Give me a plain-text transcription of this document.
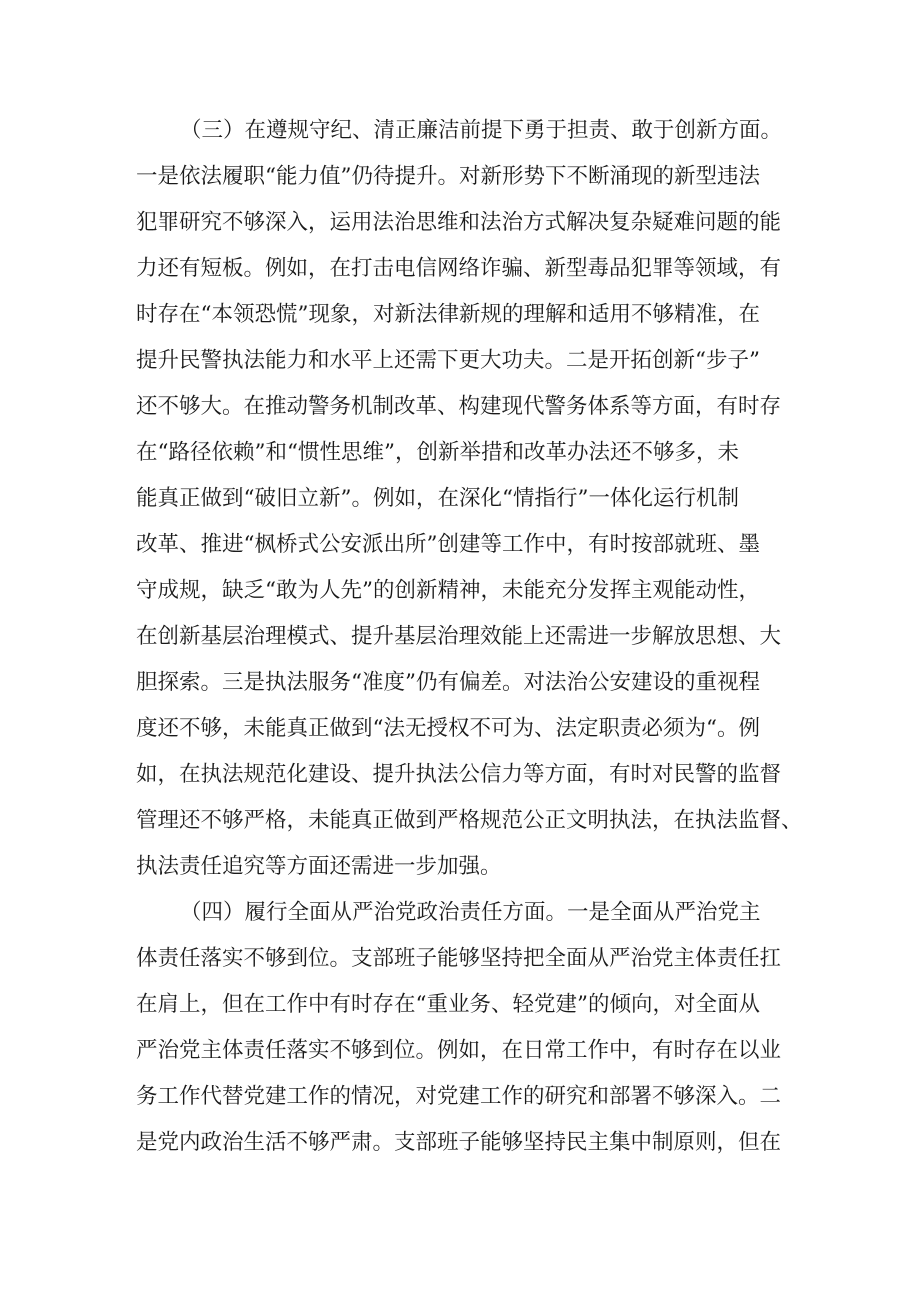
（三）在遵规守纪、清正廉洁前提下勇于担责、敢于创新方面。
一是依法履职“能力值”仍待提升。对新形势下不断涌现的新型违法
犯罪研究不够深入，运用法治思维和法治方式解决复杂疑难问题的能
力还有短板。例如，在打击电信网络诈骗、新型毒品犯罪等领域，有
时存在“本领恐慌”现象，对新法律新规的理解和适用不够精准，在
提升民警执法能力和水平上还需下更大功夫。二是开拓创新“步子”
还不够大。在推动警务机制改革、构建现代警务体系等方面，有时存
在“路径依赖”和“惯性思维”，创新举措和改革办法还不够多，未
能真正做到“破旧立新”。例如，在深化“情指行”一体化运行机制
改革、推进“枫桥式公安派出所”创建等工作中，有时按部就班、墨
守成规，缺乏“敢为人先”的创新精神，未能充分发挥主观能动性，
在创新基层治理模式、提升基层治理效能上还需进一步解放思想、大
胆探索。三是执法服务“准度”仍有偏差。对法治公安建设的重视程
度还不够，未能真正做到“法无授权不可为、法定职责必须为“。例
如，在执法规范化建设、提升执法公信力等方面，有时对民警的监督
管理还不够严格，未能真正做到严格规范公正文明执法，在执法监督、
执法责任追究等方面还需进一步加强。
（四）履行全面从严治党政治责任方面。一是全面从严治党主
体责任落实不够到位。支部班子能够坚持把全面从严治党主体责任扛
在肩上，但在工作中有时存在“重业务、轻党建”的倾向，对全面从
严治党主体责任落实不够到位。例如，在日常工作中，有时存在以业
务工作代替党建工作的情况，对党建工作的研究和部署不够深入。二
是党内政治生活不够严肃。支部班子能够坚持民主集中制原则，但在
